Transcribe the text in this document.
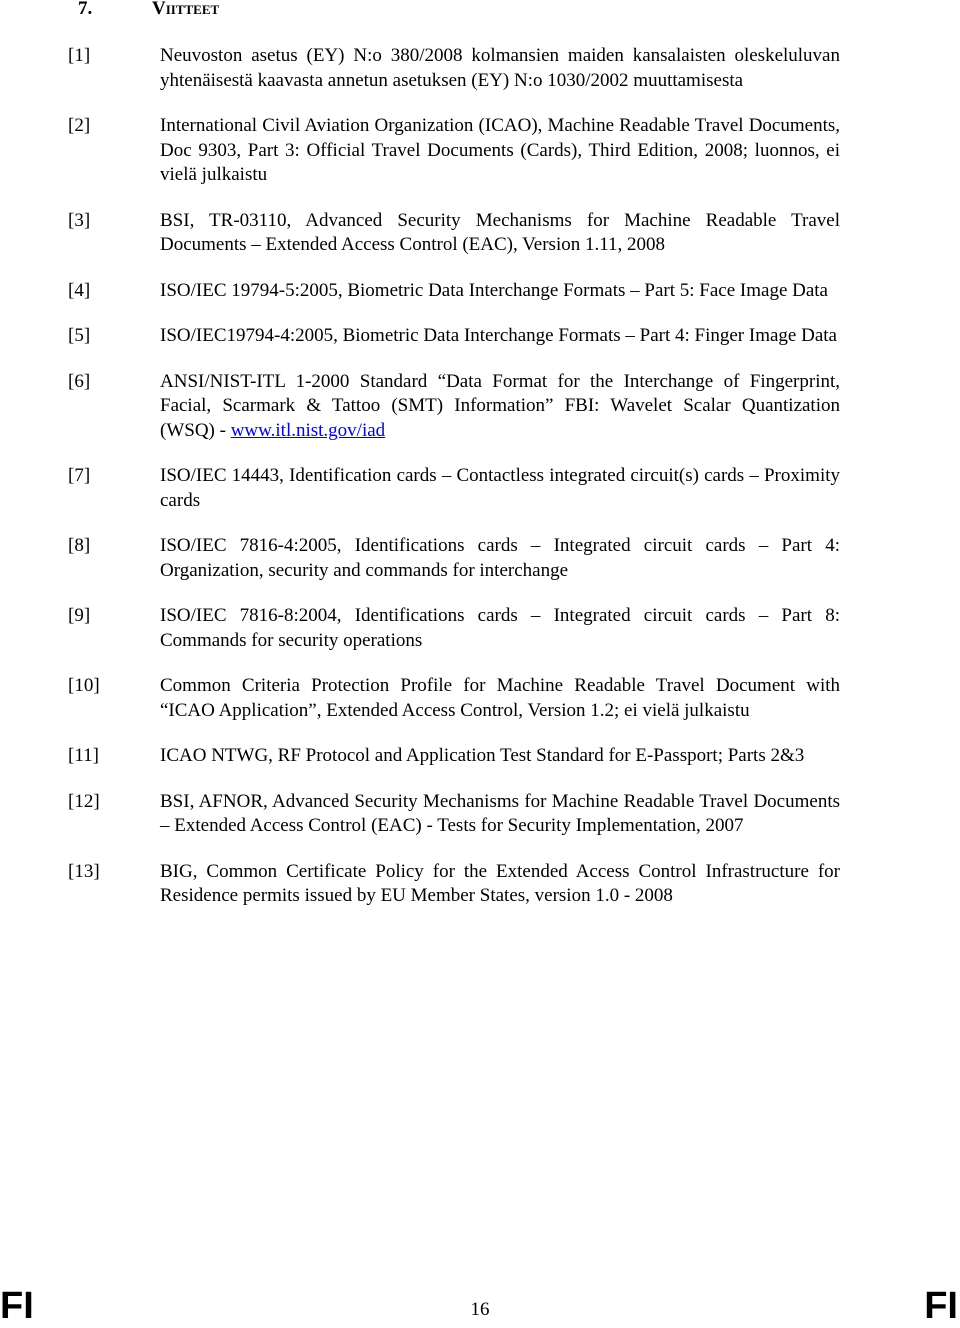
7.	Viitteet
[1]	Neuvoston asetus (EY) N:o 380/2008 kolmansien maiden kansalaisten oleskeluluvan yhtenäisestä kaavasta annetun asetuksen (EY) N:o 1030/2002 muuttamisesta
[2]	International Civil Aviation Organization (ICAO), Machine Readable Travel Documents, Doc 9303, Part 3: Official Travel Documents (Cards), Third Edition, 2008; luonnos, ei vielä julkaistu
[3]	BSI, TR-03110, Advanced Security Mechanisms for Machine Readable Travel Documents – Extended Access Control (EAC), Version 1.11, 2008
[4]	ISO/IEC 19794-5:2005, Biometric Data Interchange Formats – Part 5: Face Image Data
[5]	ISO/IEC19794-4:2005, Biometric Data Interchange Formats – Part 4: Finger Image Data
[6]	ANSI/NIST-ITL 1-2000 Standard “Data Format for the Interchange of Fingerprint, Facial, Scarmark & Tattoo (SMT) Information” FBI: Wavelet Scalar Quantization (WSQ) - www.itl.nist.gov/iad
[7]	ISO/IEC 14443, Identification cards – Contactless integrated circuit(s) cards – Proximity cards
[8]	ISO/IEC 7816-4:2005, Identifications cards – Integrated circuit cards – Part 4: Organization, security and commands for interchange
[9]	ISO/IEC 7816-8:2004, Identifications cards – Integrated circuit cards – Part 8: Commands for security operations
[10]	Common Criteria Protection Profile for Machine Readable Travel Document with “ICAO Application”, Extended Access Control, Version 1.2; ei vielä julkaistu
[11]	ICAO NTWG, RF Protocol and Application Test Standard for E-Passport; Parts 2&3
[12]	BSI, AFNOR, Advanced Security Mechanisms for Machine Readable Travel Documents – Extended Access Control (EAC) - Tests for Security Implementation, 2007
[13]	BIG, Common Certificate Policy for the Extended Access Control Infrastructure for Residence permits issued by EU Member States, version 1.0 - 2008
FI	16	FI
